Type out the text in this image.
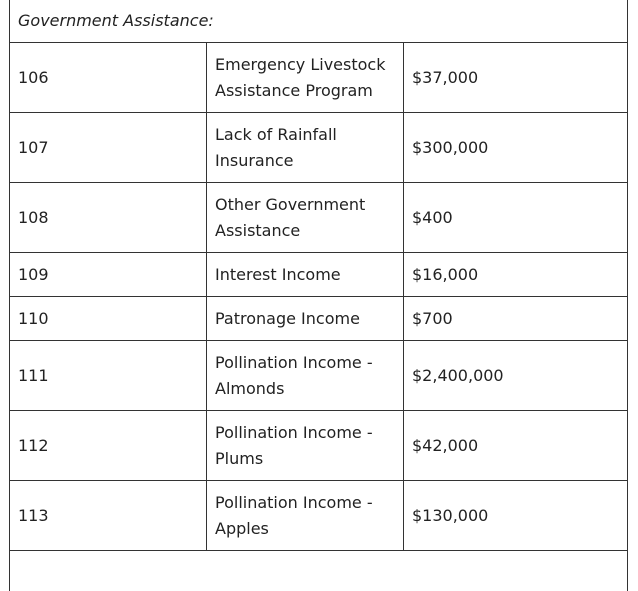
Government Assistance:		
106	Emergency Livestock Assistance Program	$37,000
107	Lack of Rainfall Insurance	$300,000
108	Other Government Assistance	$400
109	Interest Income	$16,000
110	Patronage Income	$700
111	Pollination Income - Almonds	$2,400,000
112	Pollination Income - Plums	$42,000
113	Pollination Income - Apples	$130,000
